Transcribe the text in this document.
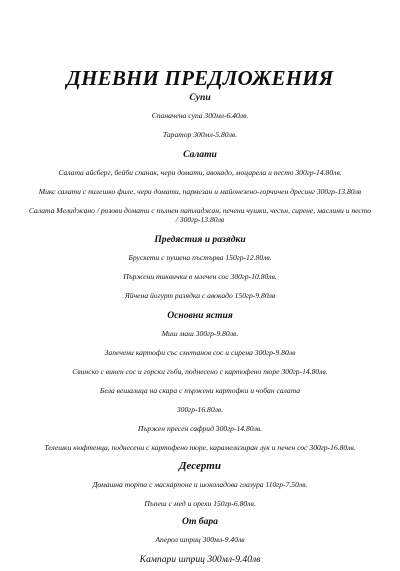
ДНЕВНИ ПРЕДЛОЖЕНИЯ
Супи
Спаначена супа 300мл-6.40лв.
Таратор 300мл-5.80лв.
Салати
Салата айсберг, бейби спанак, чери домати, авокадо, моцарела и песто 300гр-14.80лв.
Микс салати с пилешко филе, чери домати, пармезан и майонезено-горчичен дресинг 300гр-13.80лв
Салата Мелиджано / розови домати с пълнен патладжан, печени чушки, чесън, сирене, маслини и песто / 300гр-13.80лв
Предястия и разядки
Брускети с пушена пъстърва 150гр-12.80лв.
Пържени тиквички в млечен сос 300гр-10.80лв.
Яйчена йогурт разядка с авокадо 150гр-9.80лв
Основни ястия
Миш маш 300гр-9.80лв.
Запечени картофи със сметанов сос и сирена 300гр-9.80лв
Свинско с винен сос и горски гъби, поднесено с картофено пюре 300гр-14.80лв.
Бела вешалица на скара с пържени картофки и чобан салата
300гр-16.80лв.
Пържен пресен сафрид 300гр-14.80лв.
Телешки кюфтенца, поднесени с картофено пюре, карамелизиран лук и печен сос 300гр-16.80лв.
Десерти
Домашна торта с маскарпоне и шоколадова глазура 110гр-7.50лв.
Пъпеш с мед и орехи 150гр-6.80лв.
От бара
Аперол шприц 300мл-9.40лв
Кампари шприц 300мл-9.40лв
